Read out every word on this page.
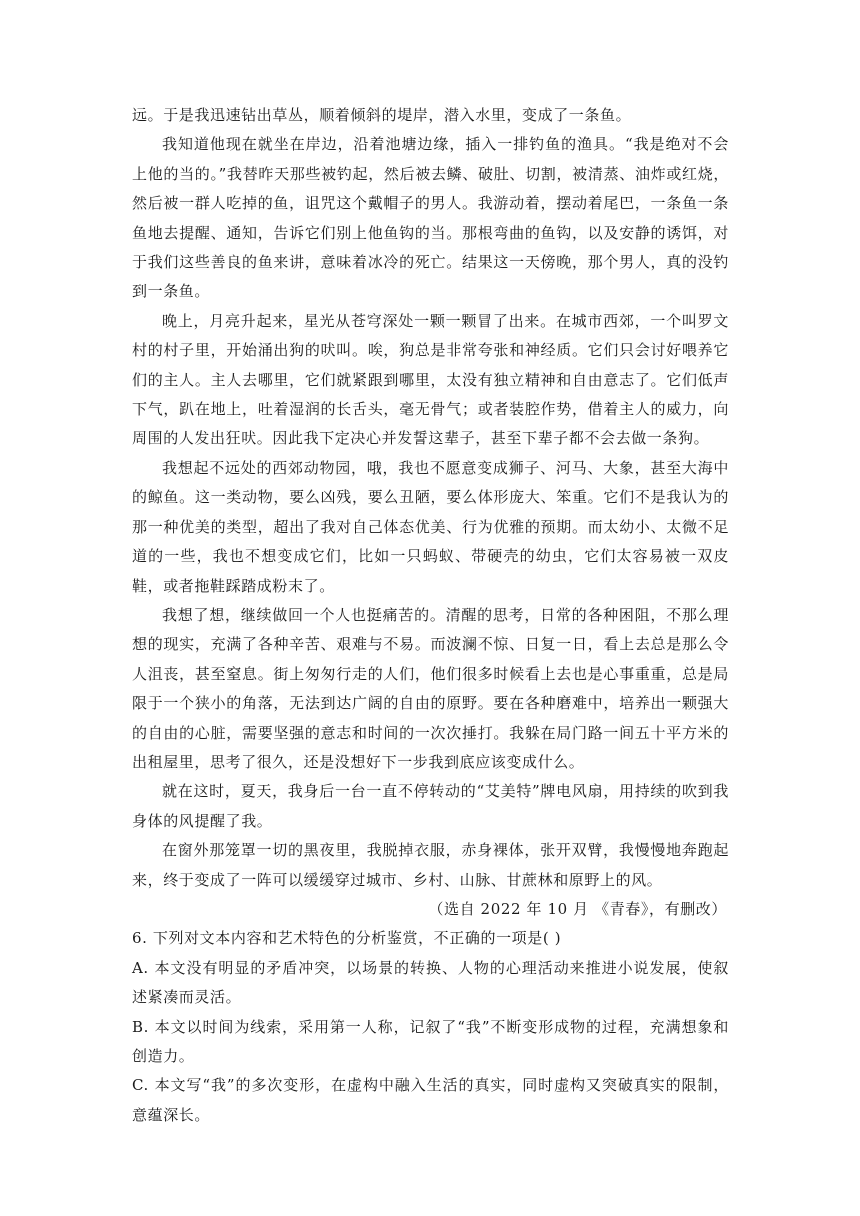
远。于是我迅速钻出草丛，顺着倾斜的堤岸，潜入水里，变成了一条鱼。

我知道他现在就坐在岸边，沿着池塘边缘，插入一排钓鱼的渔具。“我是绝对不会上他的当的。”我替昨天那些被钓起，然后被去鳞、破肚、切割，被清蒸、油炸或红烧，然后被一群人吃掉的鱼，诅咒这个戴帽子的男人。我游动着，摆动着尾巴，一条鱼一条鱼地去提醒、通知，告诉它们别上他鱼钩的当。那根弯曲的鱼钩，以及安静的诱饵，对于我们这些善良的鱼来讲，意味着冰冷的死亡。结果这一天傍晚，那个男人，真的没钓到一条鱼。

晚上，月亮升起来，星光从苍穹深处一颗一颗冒了出来。在城市西郊，一个叫罗文村的村子里，开始涌出狗的吠叫。唉，狗总是非常夸张和神经质。它们只会讨好喂养它们的主人。主人去哪里，它们就紧跟到哪里，太没有独立精神和自由意志了。它们低声下气，趴在地上，吐着湿润的长舌头，毫无骨气；或者装腔作势，借着主人的威力，向周围的人发出狂吠。因此我下定决心并发誓这辈子，甚至下辈子都不会去做一条狗。

我想起不远处的西郊动物园，哦，我也不愿意变成狮子、河马、大象，甚至大海中的鲸鱼。这一类动物，要么凶残，要么丑陋，要么体形庞大、笨重。它们不是我认为的那一种优美的类型，超出了我对自己体态优美、行为优雅的预期。而太幼小、太微不足道的一些，我也不想变成它们，比如一只蚂蚁、带硬壳的幼虫，它们太容易被一双皮鞋，或者拖鞋踩踏成粉末了。

我想了想，继续做回一个人也挺痛苦的。清醒的思考，日常的各种困阻，不那么理想的现实，充满了各种辛苦、艰难与不易。而波澜不惊、日复一日，看上去总是那么令人沮丧，甚至窒息。街上匆匆行走的人们，他们很多时候看上去也是心事重重，总是局限于一个狭小的角落，无法到达广阔的自由的原野。要在各种磨难中，培养出一颗强大的自由的心脏，需要坚强的意志和时间的一次次捶打。我躲在局门路一间五十平方米的出租屋里，思考了很久，还是没想好下一步我到底应该变成什么。

就在这时，夏天，我身后一台一直不停转动的“艾美特”牌电风扇，用持续的吹到我身体的风提醒了我。

在窗外那笼罩一切的黑夜里，我脱掉衣服，赤身裸体，张开双臂，我慢慢地奔跑起来，终于变成了一阵可以缓缓穿过城市、乡村、山脉、甘蔗林和原野上的风。

（选自 2022 年 10 月 《青春》，有删改）

6. 下列对文本内容和艺术特色的分析鉴赏，不正确的一项是( )

A. 本文没有明显的矛盾冲突，以场景的转换、人物的心理活动来推进小说发展，使叙述紧凑而灵活。

B. 本文以时间为线索，采用第一人称，记叙了“我”不断变形成物的过程，充满想象和创造力。

C. 本文写“我”的多次变形，在虚构中融入生活的真实，同时虚构又突破真实的限制，意蕴深长。
